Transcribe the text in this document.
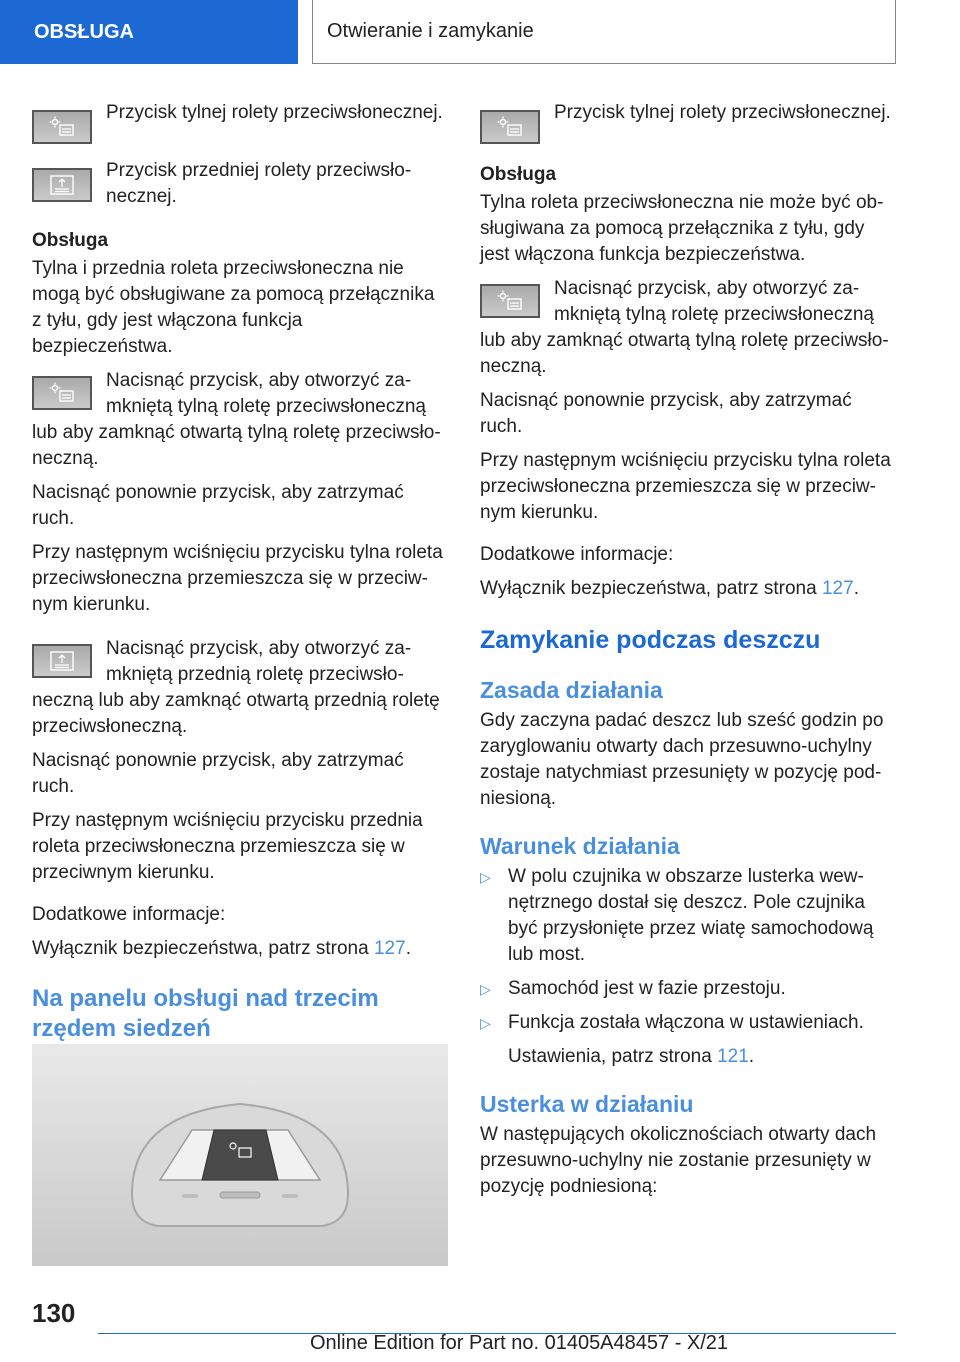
OBSŁUGA	Otwieranie i zamykanie
Przycisk tylnej rolety przeciwsłonecznej.
Przycisk przedniej rolety przeciwsłonecznej.
Obsługa

Tylna i przednia roleta przeciwsłoneczna nie mogą być obsługiwane za pomocą przełącznika z tyłu, gdy jest włączona funkcja bezpieczeństwa.

Nacisnąć przycisk, aby otworzyć zamkniętą tylną roletę przeciwsłoneczną lub aby zamknąć otwartą tylną roletę przeciwsłoneczną.

Nacisnąć ponownie przycisk, aby zatrzymać ruch.

Przy następnym wciśnięciu przycisku tylna roleta przeciwsłoneczna przemieszcza się w przeciwnym kierunku.

Nacisnąć przycisk, aby otworzyć zamkniętą przednią roletę przeciwsłoneczną lub aby zamknąć otwartą przednią roletę przeciwsłoneczną.

Nacisnąć ponownie przycisk, aby zatrzymać ruch.

Przy następnym wciśnięciu przycisku przednia roleta przeciwsłoneczna przemieszcza się w przeciwnym kierunku.

Dodatkowe informacje:

Wyłącznik bezpieczeństwa, patrz strona 127.

Na panelu obsługi nad trzecim rzędem siedzeń
Przycisk tylnej rolety przeciwsłonecznej.
Obsługa

Tylna roleta przeciwsłoneczna nie może być obsługiwana za pomocą przełącznika z tyłu, gdy jest włączona funkcja bezpieczeństwa.

Nacisnąć przycisk, aby otworzyć zamkniętą tylną roletę przeciwsłoneczną lub aby zamknąć otwartą tylną roletę przeciwsłoneczną.

Nacisnąć ponownie przycisk, aby zatrzymać ruch.

Przy następnym wciśnięciu przycisku tylna roleta przeciwsłoneczna przemieszcza się w przeciwnym kierunku.

Dodatkowe informacje:

Wyłącznik bezpieczeństwa, patrz strona 127.

Zamykanie podczas deszczu
Zasada działania

Gdy zaczyna padać deszcz lub sześć godzin po zaryglowaniu otwarty dach przesuwno-uchylny zostaje natychmiast przesunięty w pozycję podniesioną.

Warunek działania
▷ W polu czujnika w obszarze lusterka wewnętrznego dostał się deszcz. Pole czujnika być przysłonięte przez wiatę samochodową lub most.
▷ Samochód jest w fazie przestoju.
▷ Funkcja została włączona w ustawieniach.

Ustawienia, patrz strona 121.

Usterka w działaniu

W następujących okolicznościach otwarty dach przesuwno-uchylny nie zostanie przesunięty w pozycję podniesioną:

130
Online Edition for Part no. 01405A48457 - X/21
